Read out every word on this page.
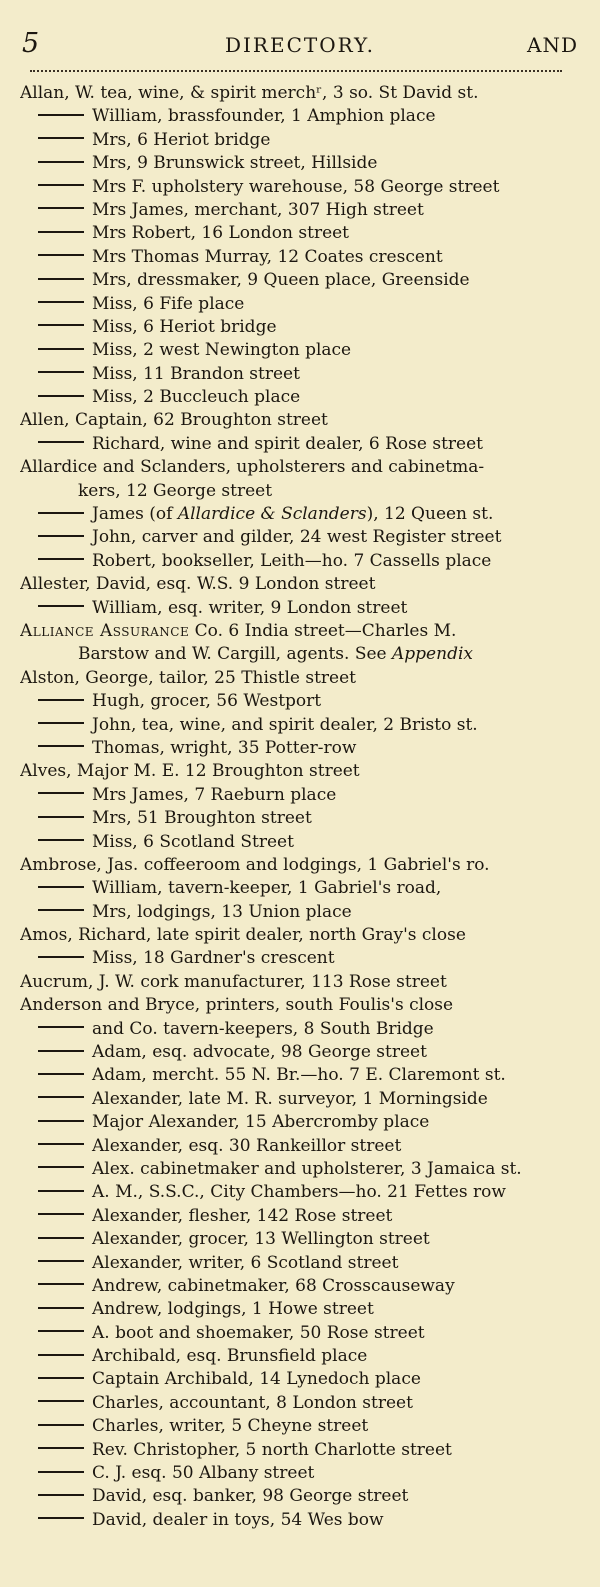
5	DIRECTORY.	AND
Allan, W. tea, wine, & spirit merchʳ, 3 so. St David st.
William, brassfounder, 1 Amphion place
Mrs, 6 Heriot bridge
Mrs, 9 Brunswick street, Hillside
Mrs F. upholstery warehouse, 58 George street
Mrs James, merchant, 307 High street
Mrs Robert, 16 London street
Mrs Thomas Murray, 12 Coates crescent
Mrs, dressmaker, 9 Queen place, Greenside
Miss, 6 Fife place
Miss, 6 Heriot bridge
Miss, 2 west Newington place
Miss, 11 Brandon street
Miss, 2 Buccleuch place
Allen, Captain, 62 Broughton street
Richard, wine and spirit dealer, 6 Rose street
Allardice and Sclanders, upholsterers and cabinetma-
kers, 12 George street
James (of Allardice & Sclanders), 12 Queen st.
John, carver and gilder, 24 west Register street
Robert, bookseller, Leith—ho. 7 Cassells place
Allester, David, esq. W.S. 9 London street
William, esq. writer, 9 London street
Alliance Assurance Co. 6 India street—Charles M.
Barstow and W. Cargill, agents. See Appendix
Alston, George, tailor, 25 Thistle street
Hugh, grocer, 56 Westport
John, tea, wine, and spirit dealer, 2 Bristo st.
Thomas, wright, 35 Potter-row
Alves, Major M. E. 12 Broughton street
Mrs James, 7 Raeburn place
Mrs, 51 Broughton street
Miss, 6 Scotland Street
Ambrose, Jas. coffeeroom and lodgings, 1 Gabriel's ro.
William, tavern-keeper, 1 Gabriel's road,
Mrs, lodgings, 13 Union place
Amos, Richard, late spirit dealer, north Gray's close
Miss, 18 Gardner's crescent
Aucrum, J. W. cork manufacturer, 113 Rose street
Anderson and Bryce, printers, south Foulis's close
and Co. tavern-keepers, 8 South Bridge
Adam, esq. advocate, 98 George street
Adam, mercht. 55 N. Br.—ho. 7 E. Claremont st.
Alexander, late M. R. surveyor, 1 Morningside
Major Alexander, 15 Abercromby place
Alexander, esq. 30 Rankeillor street
Alex. cabinetmaker and upholsterer, 3 Jamaica st.
A. M., S.S.C., City Chambers—ho. 21 Fettes row
Alexander, flesher, 142 Rose street
Alexander, grocer, 13 Wellington street
Alexander, writer, 6 Scotland street
Andrew, cabinetmaker, 68 Crosscauseway
Andrew, lodgings, 1 Howe street
A. boot and shoemaker, 50 Rose street
Archibald, esq. Brunsfield place
Captain Archibald, 14 Lynedoch place
Charles, accountant, 8 London street
Charles, writer, 5 Cheyne street
Rev. Christopher, 5 north Charlotte street
C. J. esq. 50 Albany street
David, esq. banker, 98 George street
David, dealer in toys, 54 Wes bow
